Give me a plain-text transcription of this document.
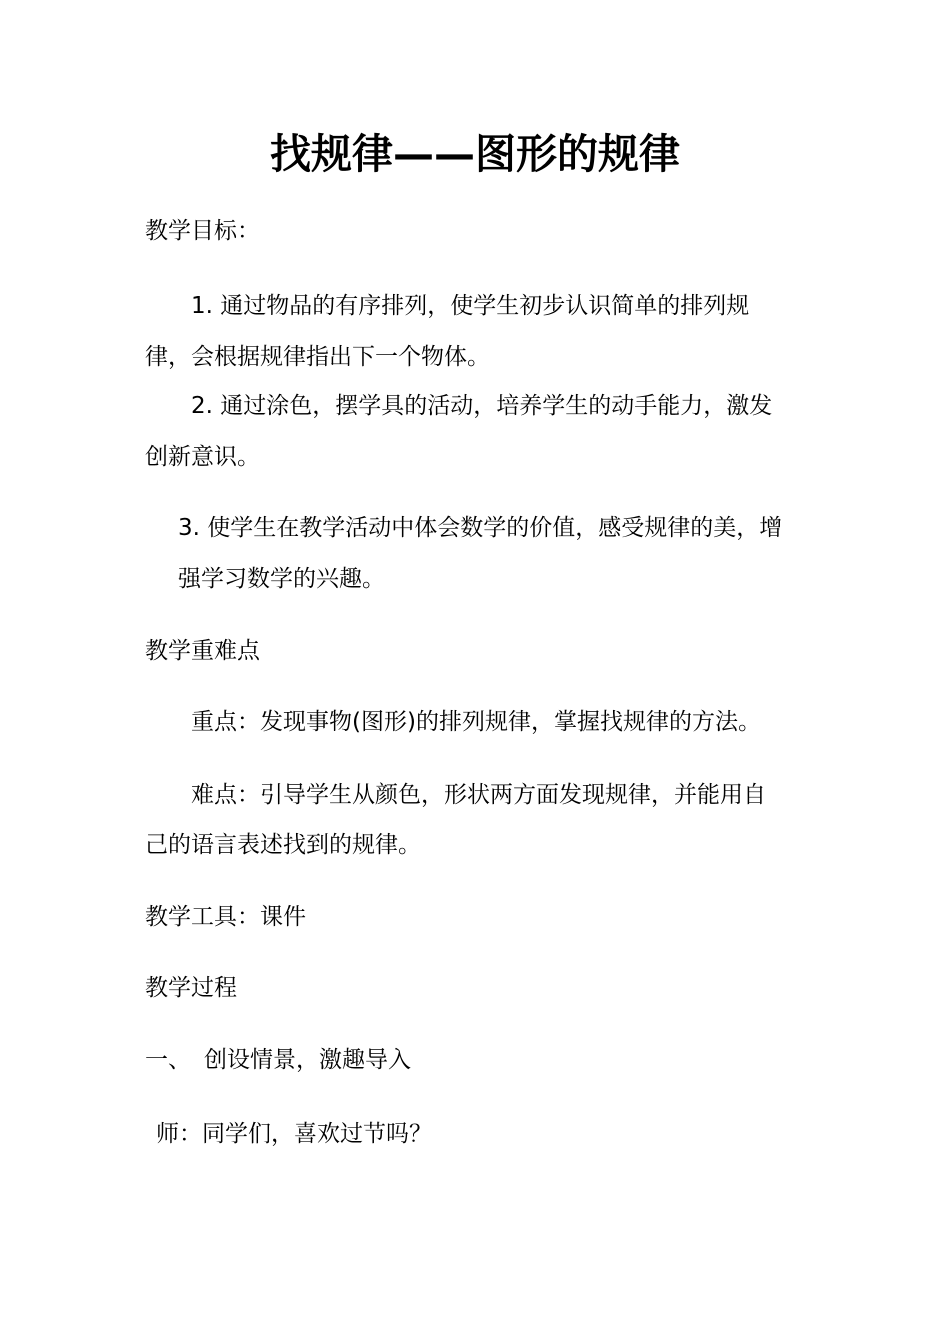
找规律——图形的规律

教学目标：

1. 通过物品的有序排列，使学生初步认识简单的排列规

律，会根据规律指出下一个物体。

2. 通过涂色，摆学具的活动，培养学生的动手能力，激发

创新意识。

3. 使学生在教学活动中体会数学的价值，感受规律的美，增

强学习数学的兴趣。

教学重难点

重点：发现事物(图形)的排列规律，掌握找规律的方法。

难点：引导学生从颜色，形状两方面发现规律，并能用自

己的语言表述找到的规律。

教学工具：课件

教学过程

一、 创设情景，激趣导入

师：同学们，喜欢过节吗？
